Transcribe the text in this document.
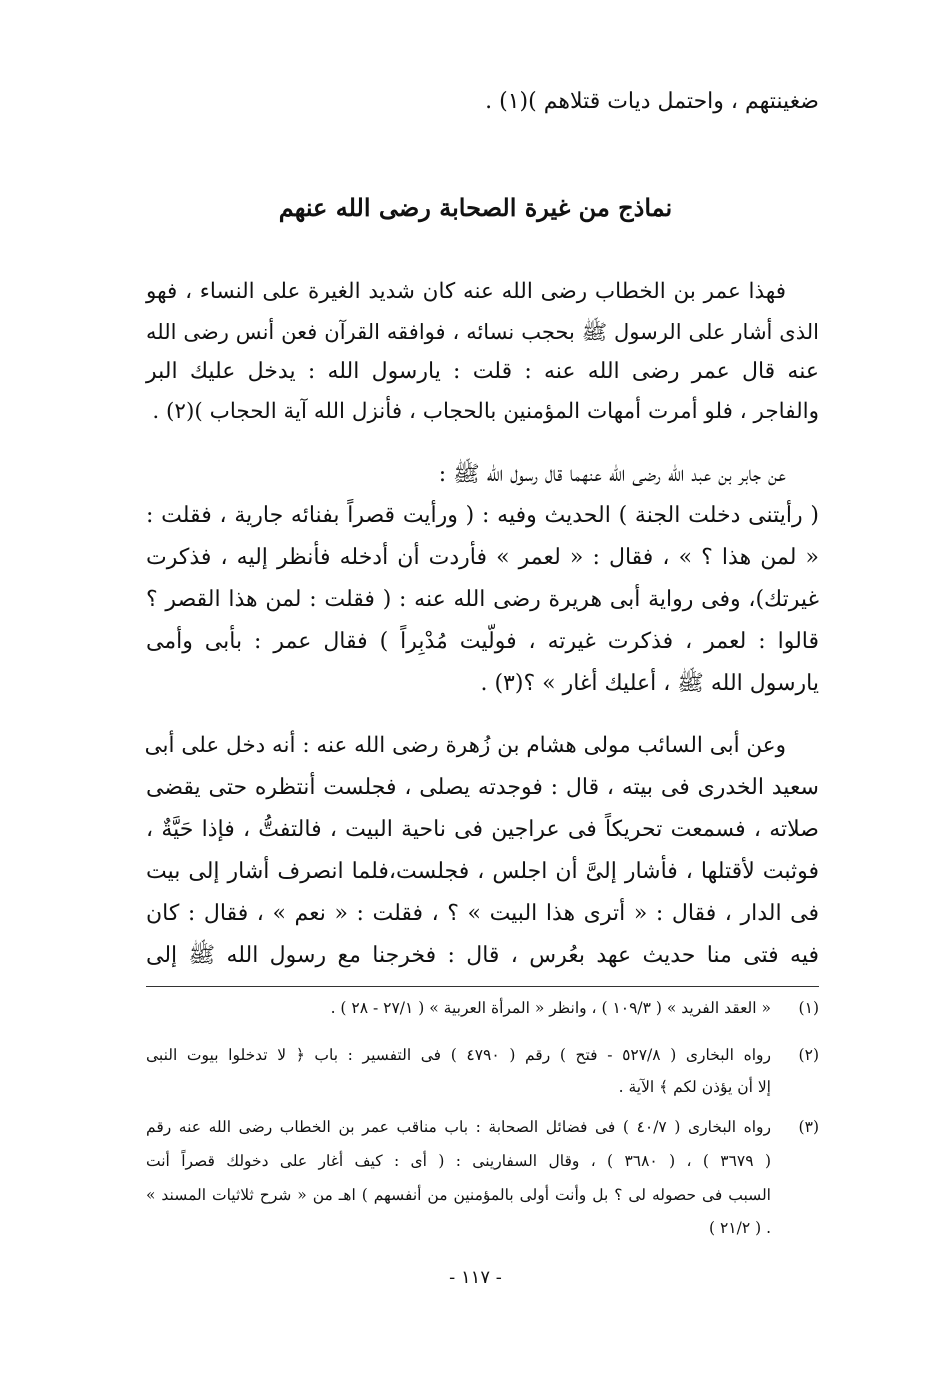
ضغينتهم ، واحتمل ديات قتلاهم )(١) .
نماذج من غيرة الصحابة رضى الله عنهم
فهذا عمر بن الخطاب رضى الله عنه كان شديد الغيرة على النساء ، فهو
الذى أشار على الرسول ﷺ بحجب نسائه ، فوافقه القرآن فعن أنس رضى الله
عنه قال عمر رضى الله عنه : قلت : يارسول الله : يدخل عليك البر
والفاجر ، فلو أمرت أمهات المؤمنين بالحجاب ، فأنزل الله آية الحجاب )(٢) .
عن جابر بن عبد الله رضى الله عنهما قال رسول الله ﷺ :
( رأيتنى دخلت الجنة ) الحديث وفيه : ( ورأيت قصراً بفنائه جارية ، فقلت :
« لمن هذا ؟ » ، فقال : « لعمر » فأردت أن أدخله فأنظر إليه ، فذكرت
غيرتك)، وفى رواية أبى هريرة رضى الله عنه : ( فقلت : لمن هذا القصر ؟
قالوا : لعمر ، فذكرت غيرته ، فولّيت مُدْبِراً ) فقال عمر : بأبى وأمى
يارسول الله ﷺ ، أعليك أغار » ؟(٣) .
وعن أبى السائب مولى هشام بن زُهرة رضى الله عنه : أنه دخل على أبى
سعيد الخدرى فى بيته ، قال : فوجدته يصلى ، فجلست أنتظره حتى يقضى
صلاته ، فسمعت تحريكاً فى عراجين فى ناحية البيت ، فالتفتُّ ، فإذا حَيَّةٌ ،
فوثبت لأقتلها ، فأشار إلىَّ أن اجلس ، فجلست،فلما انصرف أشار إلى بيت
فى الدار ، فقال : « أترى هذا البيت » ؟ ، فقلت : « نعم » ، فقال : كان
فيه فتى منا حديث عهد بعُرس ، قال : فخرجنا مع رسول الله ﷺ إلى
(١)
« العقد الفريد » ( ١٠٩/٣ ) ، وانظر « المرأة العربية » ( ٢٧/١ - ٢٨ ) .
(٢)
رواه البخارى ( ٥٢٧/٨ - فتح ) رقم ( ٤٧٩٠ ) فى التفسير : باب ﴿ لا تدخلوا بيوت النبى
إلا أن يؤذن لكم ﴾ الآية .
(٣)
رواه البخارى ( ٤٠/٧ ) فى فضائل الصحابة : باب مناقب عمر بن الخطاب رضى الله عنه رقم
( ٣٦٧٩ ) ، ( ٣٦٨٠ ) ، وقال السفارينى : ( أى : كيف أغار على دخولك قصراً أنت
السبب فى حصوله لى ؟ بل وأنت أولى بالمؤمنين من أنفسهم ) اهـ من « شرح ثلاثيات المسند »
. ( ٢١/٢ )
- ١١٧ -
